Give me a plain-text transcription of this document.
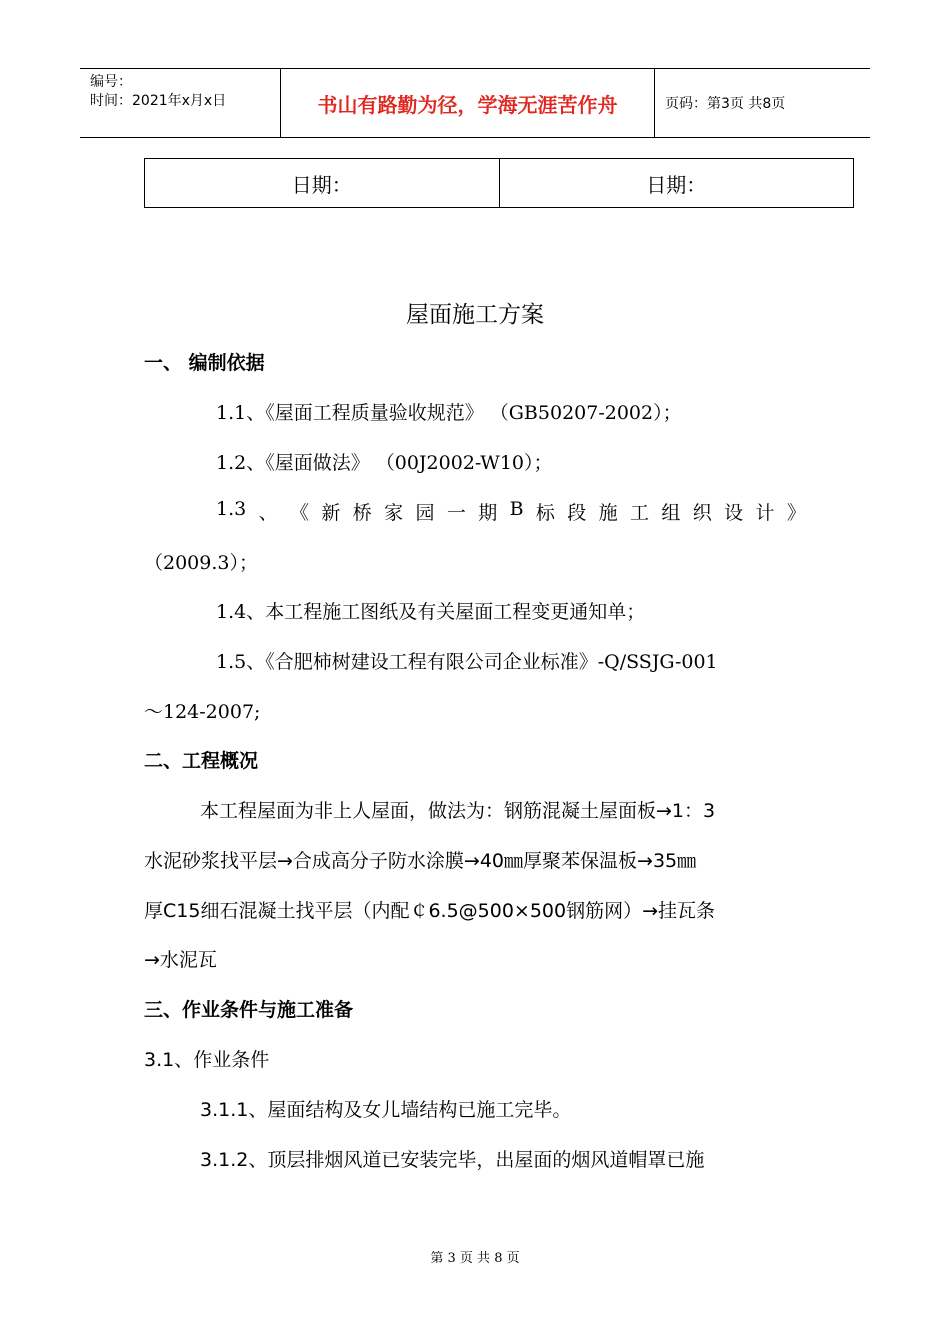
编号：
时间：2021年x月x日	书山有路勤为径，学海无涯苦作舟	页码：第3页 共8页
日期：	日期：
屋面施工方案
一、 编制依据
1.1、《屋面工程质量验收规范》 （GB50207-2002）；
1.2、《屋面做法》 （00J2002-W10）；
1.3 、 《 新 桥 家 园 一 期 B 标 段 施 工 组 织 设 计 》
（2009.3）；
1.4、本工程施工图纸及有关屋面工程变更通知单；
1.5、《合肥柿树建设工程有限公司企业标准》-Q/SSJG-001
～124-2007;
二、工程概况
本工程屋面为非上人屋面，做法为：钢筋混凝土屋面板→1：3
水泥砂浆找平层→合成高分子防水涂膜→40㎜厚聚苯保温板→35㎜
厚C15细石混凝土找平层（内配￠6.5@500×500钢筋网）→挂瓦条
→水泥瓦
三、作业条件与施工准备
3.1、作业条件
3.1.1、屋面结构及女儿墙结构已施工完毕。
3.1.2、顶层排烟风道已安装完毕，出屋面的烟风道帽罩已施
第 3 页 共 8 页
